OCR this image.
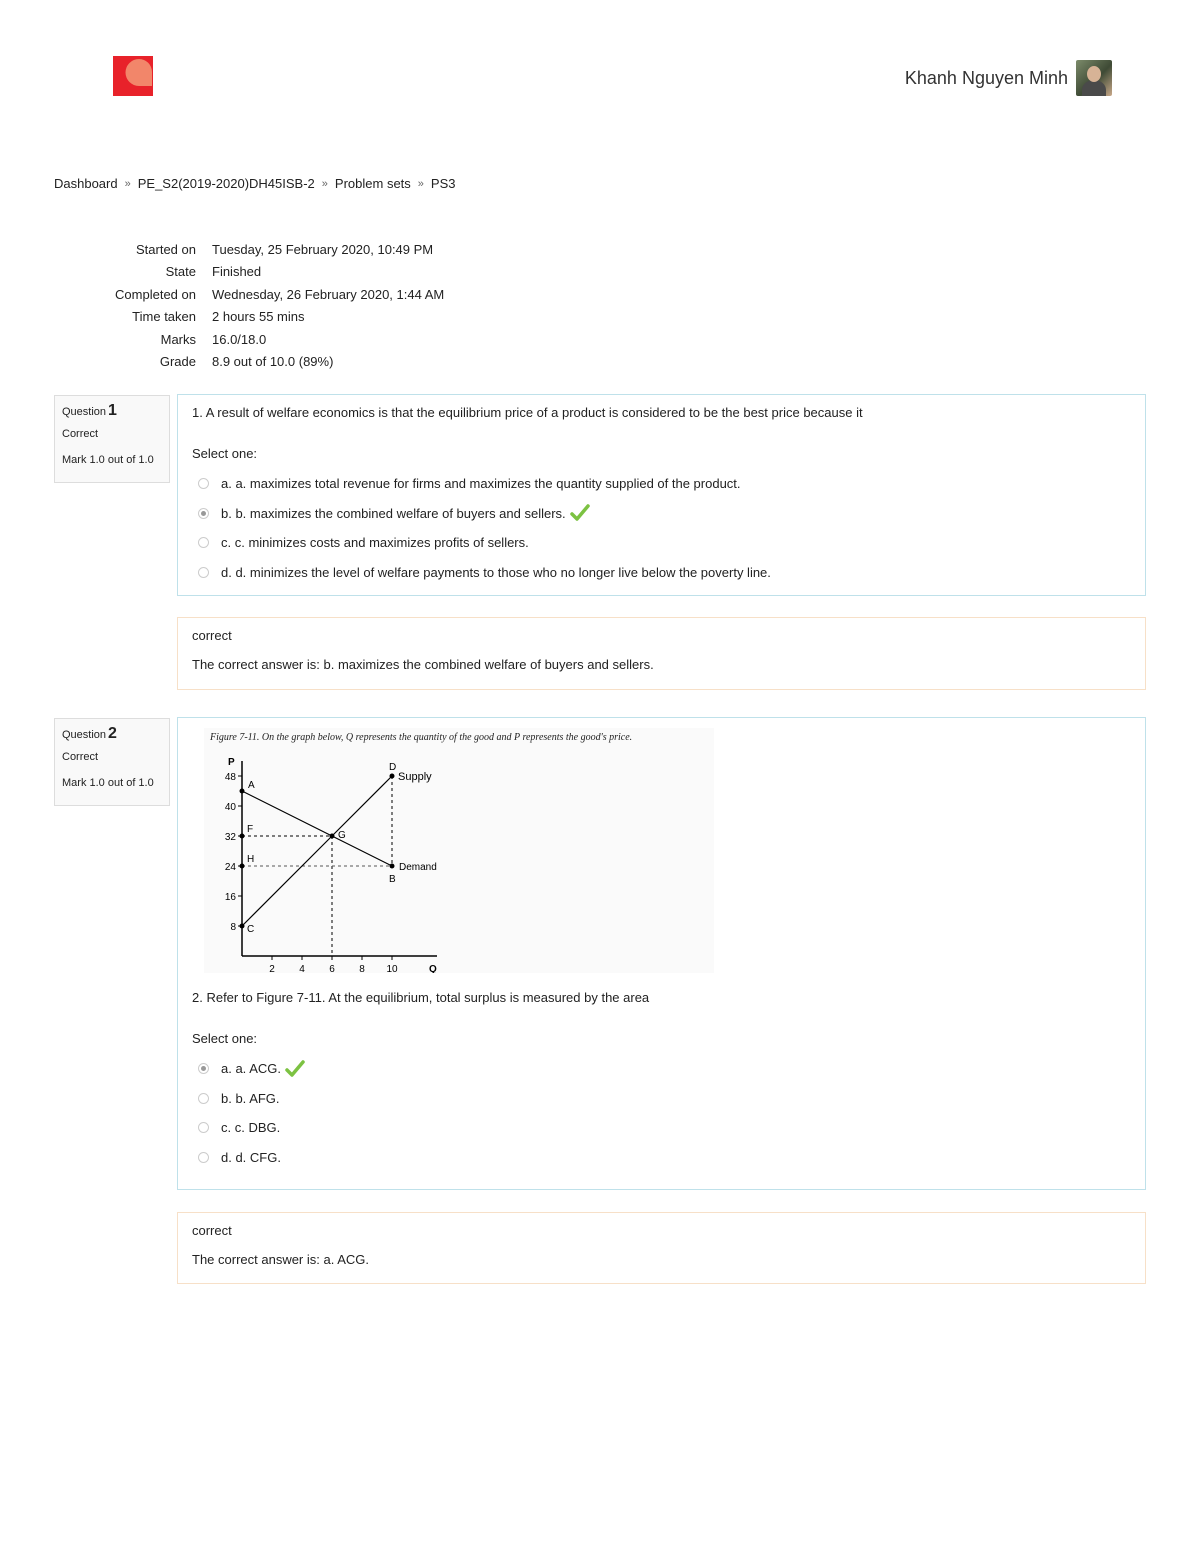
Khanh Nguyen Minh
Dashboard » PE_S2(2019-2020)DH45ISB-2 » Problem sets » PS3
Started on	Tuesday, 25 February 2020, 10:49 PM
State	Finished
Completed on	Wednesday, 26 February 2020, 1:44 AM
Time taken	2 hours 55 mins
Marks	16.0/18.0
Grade	8.9 out of 10.0 (89%)
Question 1
Correct
Mark 1.0 out of 1.0
1. A result of welfare economics is that the equilibrium price of a product is considered to be the best price because it
Select one:
a. a. maximizes total revenue for firms and maximizes the quantity supplied of the product.
b. b. maximizes the combined welfare of buyers and sellers.
c. c. minimizes costs and maximizes profits of sellers.
d. d. minimizes the level of welfare payments to those who no longer live below the poverty line.
correct
The correct answer is: b. maximizes the combined welfare of buyers and sellers.
Question 2
Correct
Mark 1.0 out of 1.0
Figure 7-11. On the graph below, Q represents the quantity of the good and P represents the good's price.
P
Q
8
16
24
32
40
48
2 4 6 8 10
Supply
Demand
A
C
F
H
G
D
B
2. Refer to Figure 7-11. At the equilibrium, total surplus is measured by the area
Select one:
a. a. ACG.
b. b. AFG.
c. c. DBG.
d. d. CFG.
correct
The correct answer is: a. ACG.
